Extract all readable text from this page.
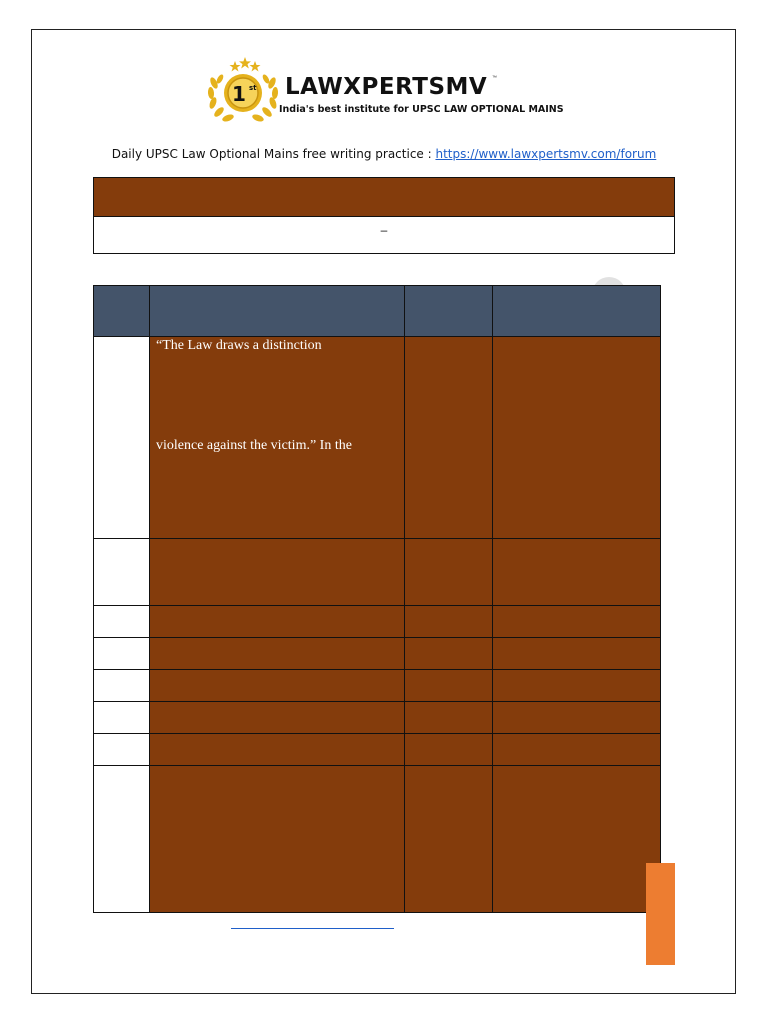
1 st LAWXPERTSMV ™
India's best institute for UPSC LAW OPTIONAL MAINS
Daily UPSC Law Optional Mains free writing practice : https://www.lawxpertsmv.com/forum
–
“The Law draws a distinction
violence against the victim.” In the
